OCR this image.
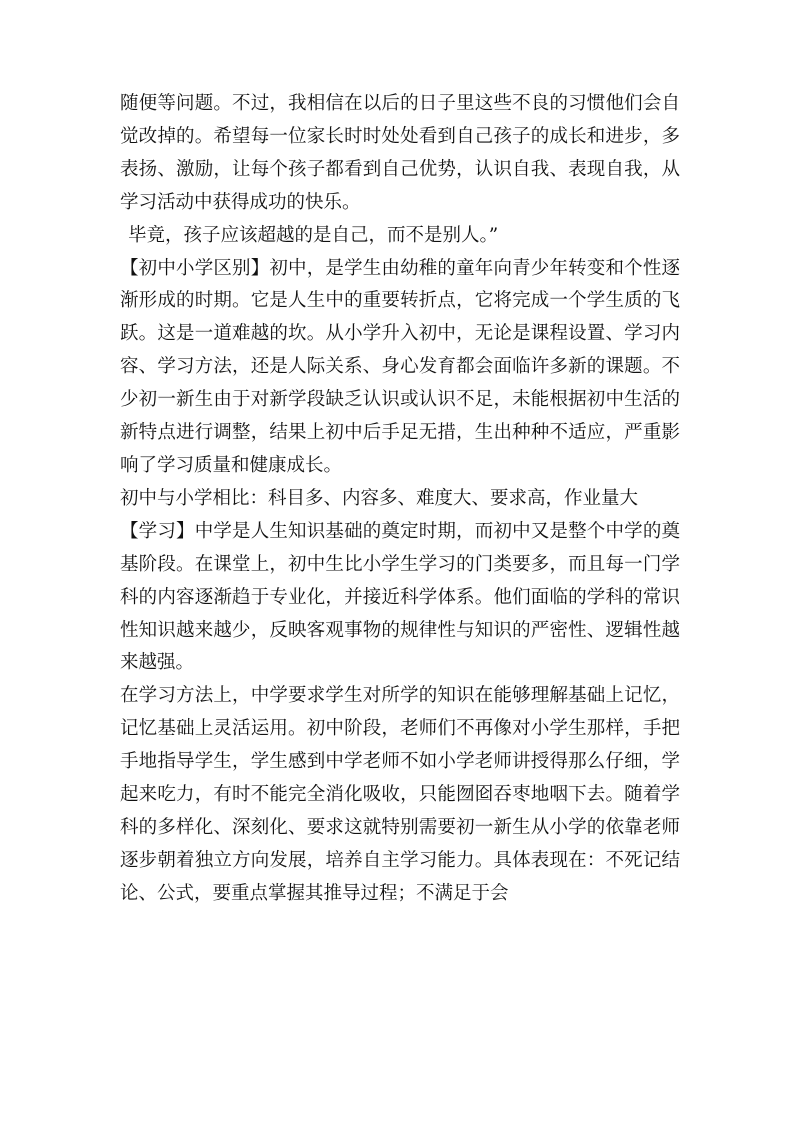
随便等问题。不过，我相信在以后的日子里这些不良的习惯他们会自觉改掉的。希望每一位家长时时处处看到自己孩子的成长和进步，多表扬、激励，让每个孩子都看到自己优势，认识自我、表现自我，从学习活动中获得成功的快乐。

毕竟，孩子应该超越的是自己，而不是别人。”

【初中小学区别】初中，是学生由幼稚的童年向青少年转变和个性逐渐形成的时期。它是人生中的重要转折点，它将完成一个学生质的飞跃。这是一道难越的坎。从小学升入初中，无论是课程设置、学习内容、学习方法，还是人际关系、身心发育都会面临许多新的课题。不 少初一新生由于对新学段缺乏认识或认识不足，未能根据初中生活的新特点进行调整，结果上初中后手足无措，生出种种不适应，严重影响了学习质量和健康成长。

初中与小学相比：科目多、内容多、难度大、要求高，作业量大

【学习】中学是人生知识基础的奠定时期，而初中又是整个中学的奠基阶段。在课堂上，初中生比小学生学习的门类要多，而且每一门学科的内容逐渐趋于专业化，并接近科学体系。他们面临的学科的常识性知识越来越少，反映客观事物的规律性与知识的严密性、逻辑性越来越强。

在学习方法上，中学要求学生对所学的知识在能够理解基础上记忆，记忆基础上灵活运用。初中阶段，老师们不再像对小学生那样，手把手地指导学生，学生感到中学老师不如小学老师讲授得那么仔细，学起来吃力，有时不能完全消化吸收，只能囫囵吞枣地咽下去。随着学科的多样化、深刻化、要求这就特别需要初一新生从小学的依靠老师逐步朝着独立方向发展，培养自主学习能力。具体表现在：不死记结论、公式，要重点掌握其推导过程；不满足于会
